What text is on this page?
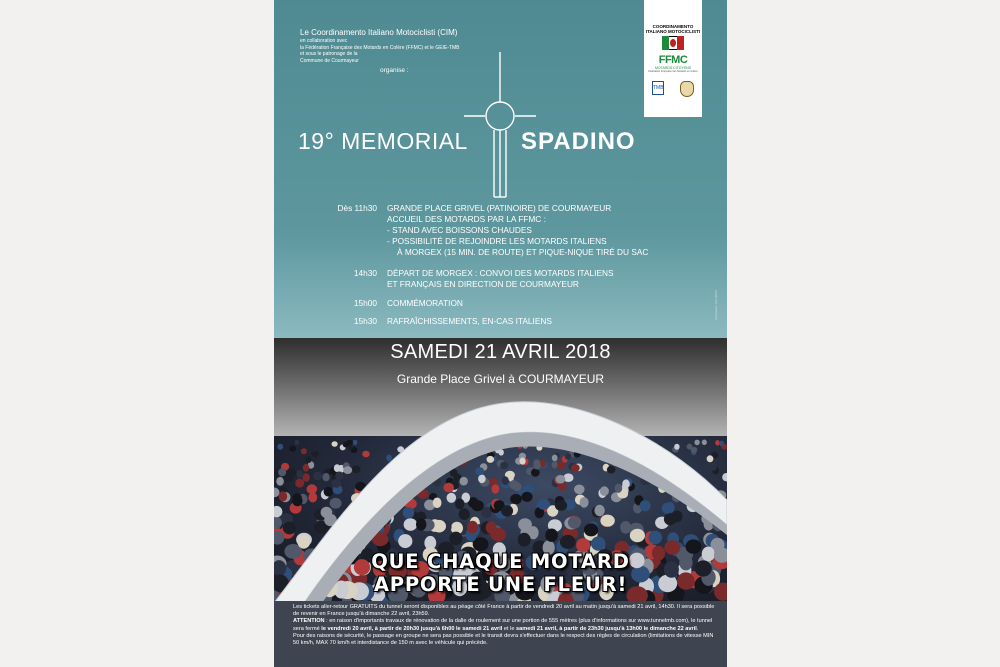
Le Coordinamento Italiano Motociclisti (CIM)
en collaboration avec
la Fédération Française des Motards en Colère (FFMC) et le GEIE-TMB
et sous le patronage de la
Commune de Courmayeur
organise :
COORDINAMENTO
ITALIANO MOTOCICLISTI
FFMC
MOTARDS CITOYENS
Fédération Française des Motards en Colère
TMB
19° MEMORIAL SPADINO
Dès 11h30 GRANDE PLACE GRIVEL (PATINOIRE) DE COURMAYEUR
ACCUEIL DES MOTARDS PAR LA FFMC :
- STAND AVEC BOISSONS CHAUDES
- POSSIBILITÉ DE REJOINDRE LES MOTARDS ITALIENS
À MORGEX (15 MIN. DE ROUTE) ET PIQUE-NIQUE TIRÉ DU SAC
14h30 DÉPART DE MORGEX : CONVOI DES MOTARDS ITALIENS
ET FRANÇAIS EN DIRECTION DE COURMAYEUR
15h00 COMMÉMORATION
15h30 RAFRAÎCHISSEMENTS, EN-CAS ITALIENS
Impression Typo4Print
SAMEDI 21 AVRIL 2018
Grande Place Grivel à COURMAYEUR
QUE CHAQUE MOTARD
APPORTE UNE FLEUR!
Les tickets aller-retour GRATUITS du tunnel seront disponibles au péage côté France à partir de vendredi 20 avril au matin jusqu'à samedi 21 avril, 14h30. Il sera possible de revenir en France jusqu'à dimanche 22 avril, 23h59.
ATTENTION : en raison d'importants travaux de rénovation de la dalle de roulement sur une portion de 555 mètres (plus d'informations sur www.tunnelmb.com), le tunnel sera fermé le vendredi 20 avril, à partir de 20h30 jusqu'à 6h00 le samedi 21 avril et le samedi 21 avril, à partir de 23h30 jusqu'à 13h00 le dimanche 22 avril.
Pour des raisons de sécurité, le passage en groupe ne sera pas possible et le transit devra s'effectuer dans le respect des règles de circulation (limitations de vitesse MIN 50 km/h, MAX 70 km/h et interdistance de 150 m avec le véhicule qui précède.
